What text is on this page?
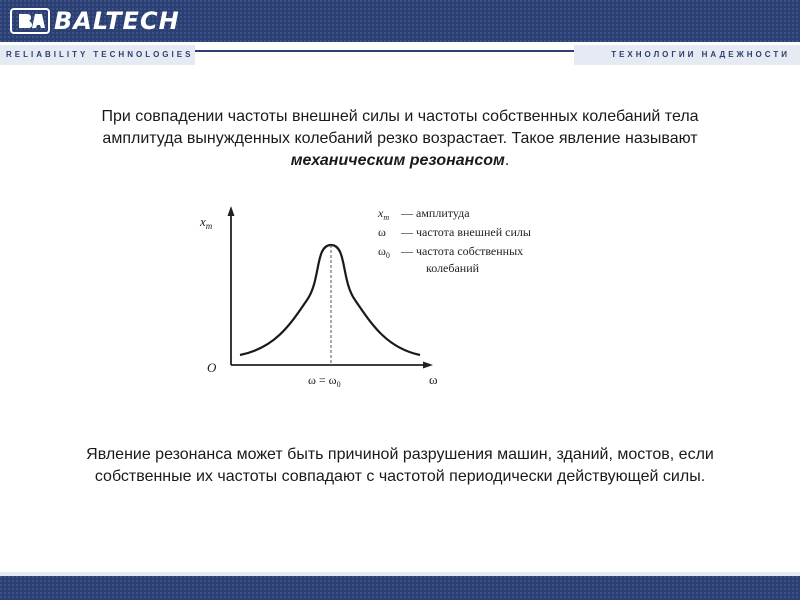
BALTECH
RELIABILITY TECHNOLOGIES	ТЕХНОЛОГИИ НАДЕЖНОСТИ
При совпадении частоты внешней силы и частоты собственных колебаний тела амплитуда вынужденных колебаний резко возрастает. Такое явление называют механическим резонансом.
$x_m$
O
ω
$\omega = \omega_0$
$x_m$ — амплитуда
ω — частота внешней силы
$\omega_0$ — частота собственных
колебаний
Явление резонанса может быть причиной разрушения машин, зданий, мостов, если собственные их частоты совпадают с частотой периодически действующей силы.
